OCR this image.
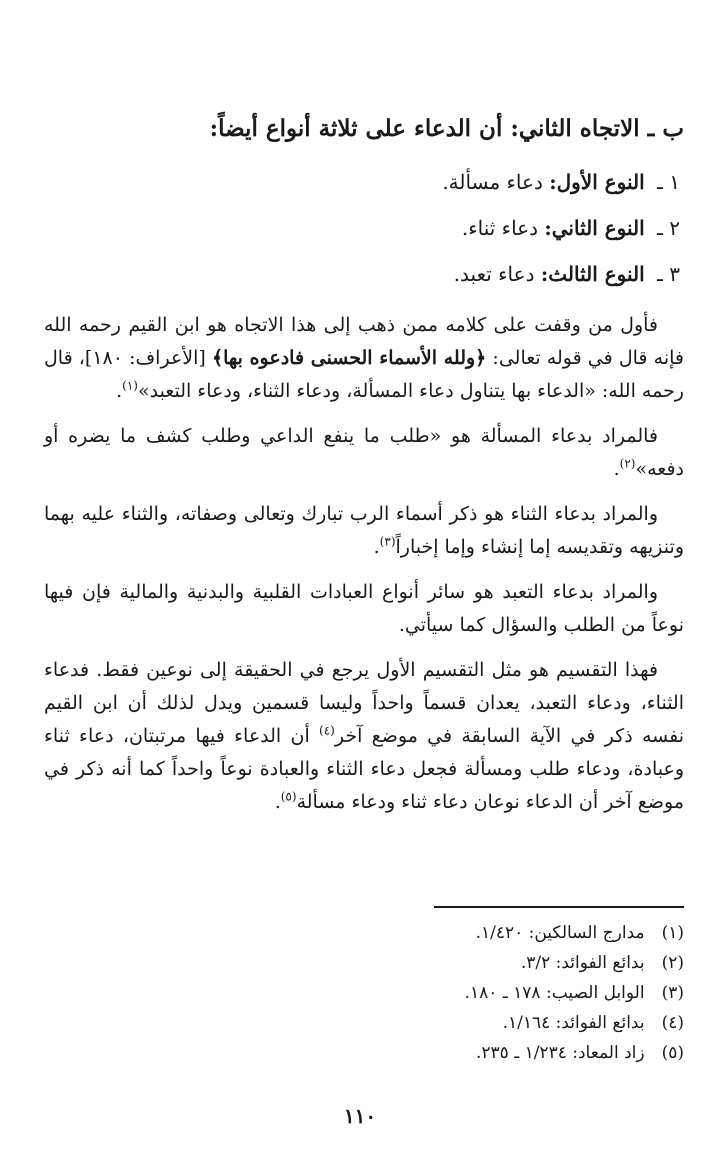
ب ـ الاتجاه الثاني: أن الدعاء على ثلاثة أنواع أيضاً:
١ ـ النوع الأول: دعاء مسألة.
٢ ـ النوع الثاني: دعاء ثناء.
٣ ـ النوع الثالث: دعاء تعبد.

فأول من وقفت على كلامه ممن ذهب إلى هذا الاتجاه هو ابن القيم رحمه الله فإنه قال في قوله تعالى: ﴿ولله الأسماء الحسنى فادعوه بها﴾ [الأعراف: ١٨٠]، قال رحمه الله: «الدعاء بها يتناول دعاء المسألة، ودعاء الثناء، ودعاء التعبد»$^{(١)}$.

فالمراد بدعاء المسألة هو «طلب ما ينفع الداعي وطلب كشف ما يضره أو دفعه»$^{(٢)}$.

والمراد بدعاء الثناء هو ذكر أسماء الرب تبارك وتعالى وصفاته، والثناء عليه بهما وتنزيهه وتقديسه إما إنشاء وإما إخباراً$^{(٣)}$.

والمراد بدعاء التعبد هو سائر أنواع العبادات القلبية والبدنية والمالية فإن فيها نوعاً من الطلب والسؤال كما سيأتي.

فهذا التقسيم هو مثل التقسيم الأول يرجع في الحقيقة إلى نوعين فقط. فدعاء الثناء، ودعاء التعبد، يعدان قسماً واحداً وليسا قسمين ويدل لذلك أن ابن القيم نفسه ذكر في الآية السابقة في موضع آخر$^{(٤)}$ أن الدعاء فيها مرتبتان، دعاء ثناء وعبادة، ودعاء طلب ومسألة فجعل دعاء الثناء والعبادة نوعاً واحداً كما أنه ذكر في موضع آخر أن الدعاء نوعان دعاء ثناء ودعاء مسألة$^{(٥)}$.

(١) مدارج السالكين: ١/٤٢٠.
(٢) بدائع الفوائد: ٣/٢.
(٣) الوابل الصيب: ١٧٨ ـ ١٨٠.
(٤) بدائع الفوائد: ١/١٦٤.
(٥) زاد المعاد: ١/٢٣٤ ـ ٢٣٥.
١١٠
